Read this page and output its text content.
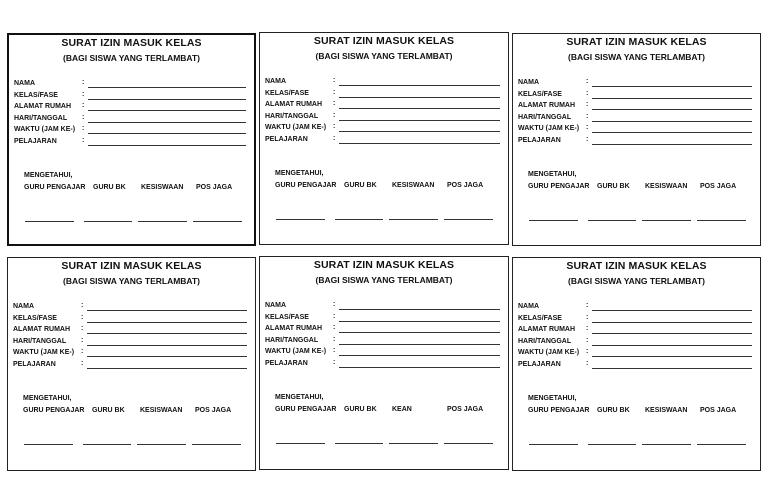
SURAT IZIN MASUK KELAS
(BAGI SISWA YANG TERLAMBAT)
NAMA	:
KELAS/FASE	:
ALAMAT RUMAH :
HARI/TANGGAL :
WAKTU (JAM KE-) :
PELAJARAN	:
MENGETAHUI,
GURU PENGAJAR GURU BK KESISWAAN POS JAGA
SURAT IZIN MASUK KELAS
(BAGI SISWA YANG TERLAMBAT)
NAMA	:
KELAS/FASE	:
ALAMAT RUMAH :
HARI/TANGGAL :
WAKTU (JAM KE-) :
PELAJARAN	:
MENGETAHUI,
GURU PENGAJAR GURU BK KESISWAAN POS JAGA
SURAT IZIN MASUK KELAS
(BAGI SISWA YANG TERLAMBAT)
NAMA	:
KELAS/FASE	:
ALAMAT RUMAH :
HARI/TANGGAL :
WAKTU (JAM KE-) :
PELAJARAN	:
MENGETAHUI,
GURU PENGAJAR GURU BK KESISWAAN POS JAGA
SURAT IZIN MASUK KELAS
(BAGI SISWA YANG TERLAMBAT)
NAMA	:
KELAS/FASE	:
ALAMAT RUMAH :
HARI/TANGGAL :
WAKTU (JAM KE-) :
PELAJARAN	:
MENGETAHUI,
GURU PENGAJAR GURU BK KESISWAAN POS JAGA
SURAT IZIN MASUK KELAS
(BAGI SISWA YANG TERLAMBAT)
NAMA	:
KELAS/FASE	:
ALAMAT RUMAH :
HARI/TANGGAL :
WAKTU (JAM KE-) :
PELAJARAN	:
MENGETAHUI,
GURU PENGAJAR GURU BK KEAN	POS JAGA
SURAT IZIN MASUK KELAS
(BAGI SISWA YANG TERLAMBAT)
NAMA	:
KELAS/FASE	:
ALAMAT RUMAH :
HARI/TANGGAL :
WAKTU (JAM KE-) :
PELAJARAN	:
MENGETAHUI,
GURU PENGAJAR GURU BK KESISWAAN POS JAGA
